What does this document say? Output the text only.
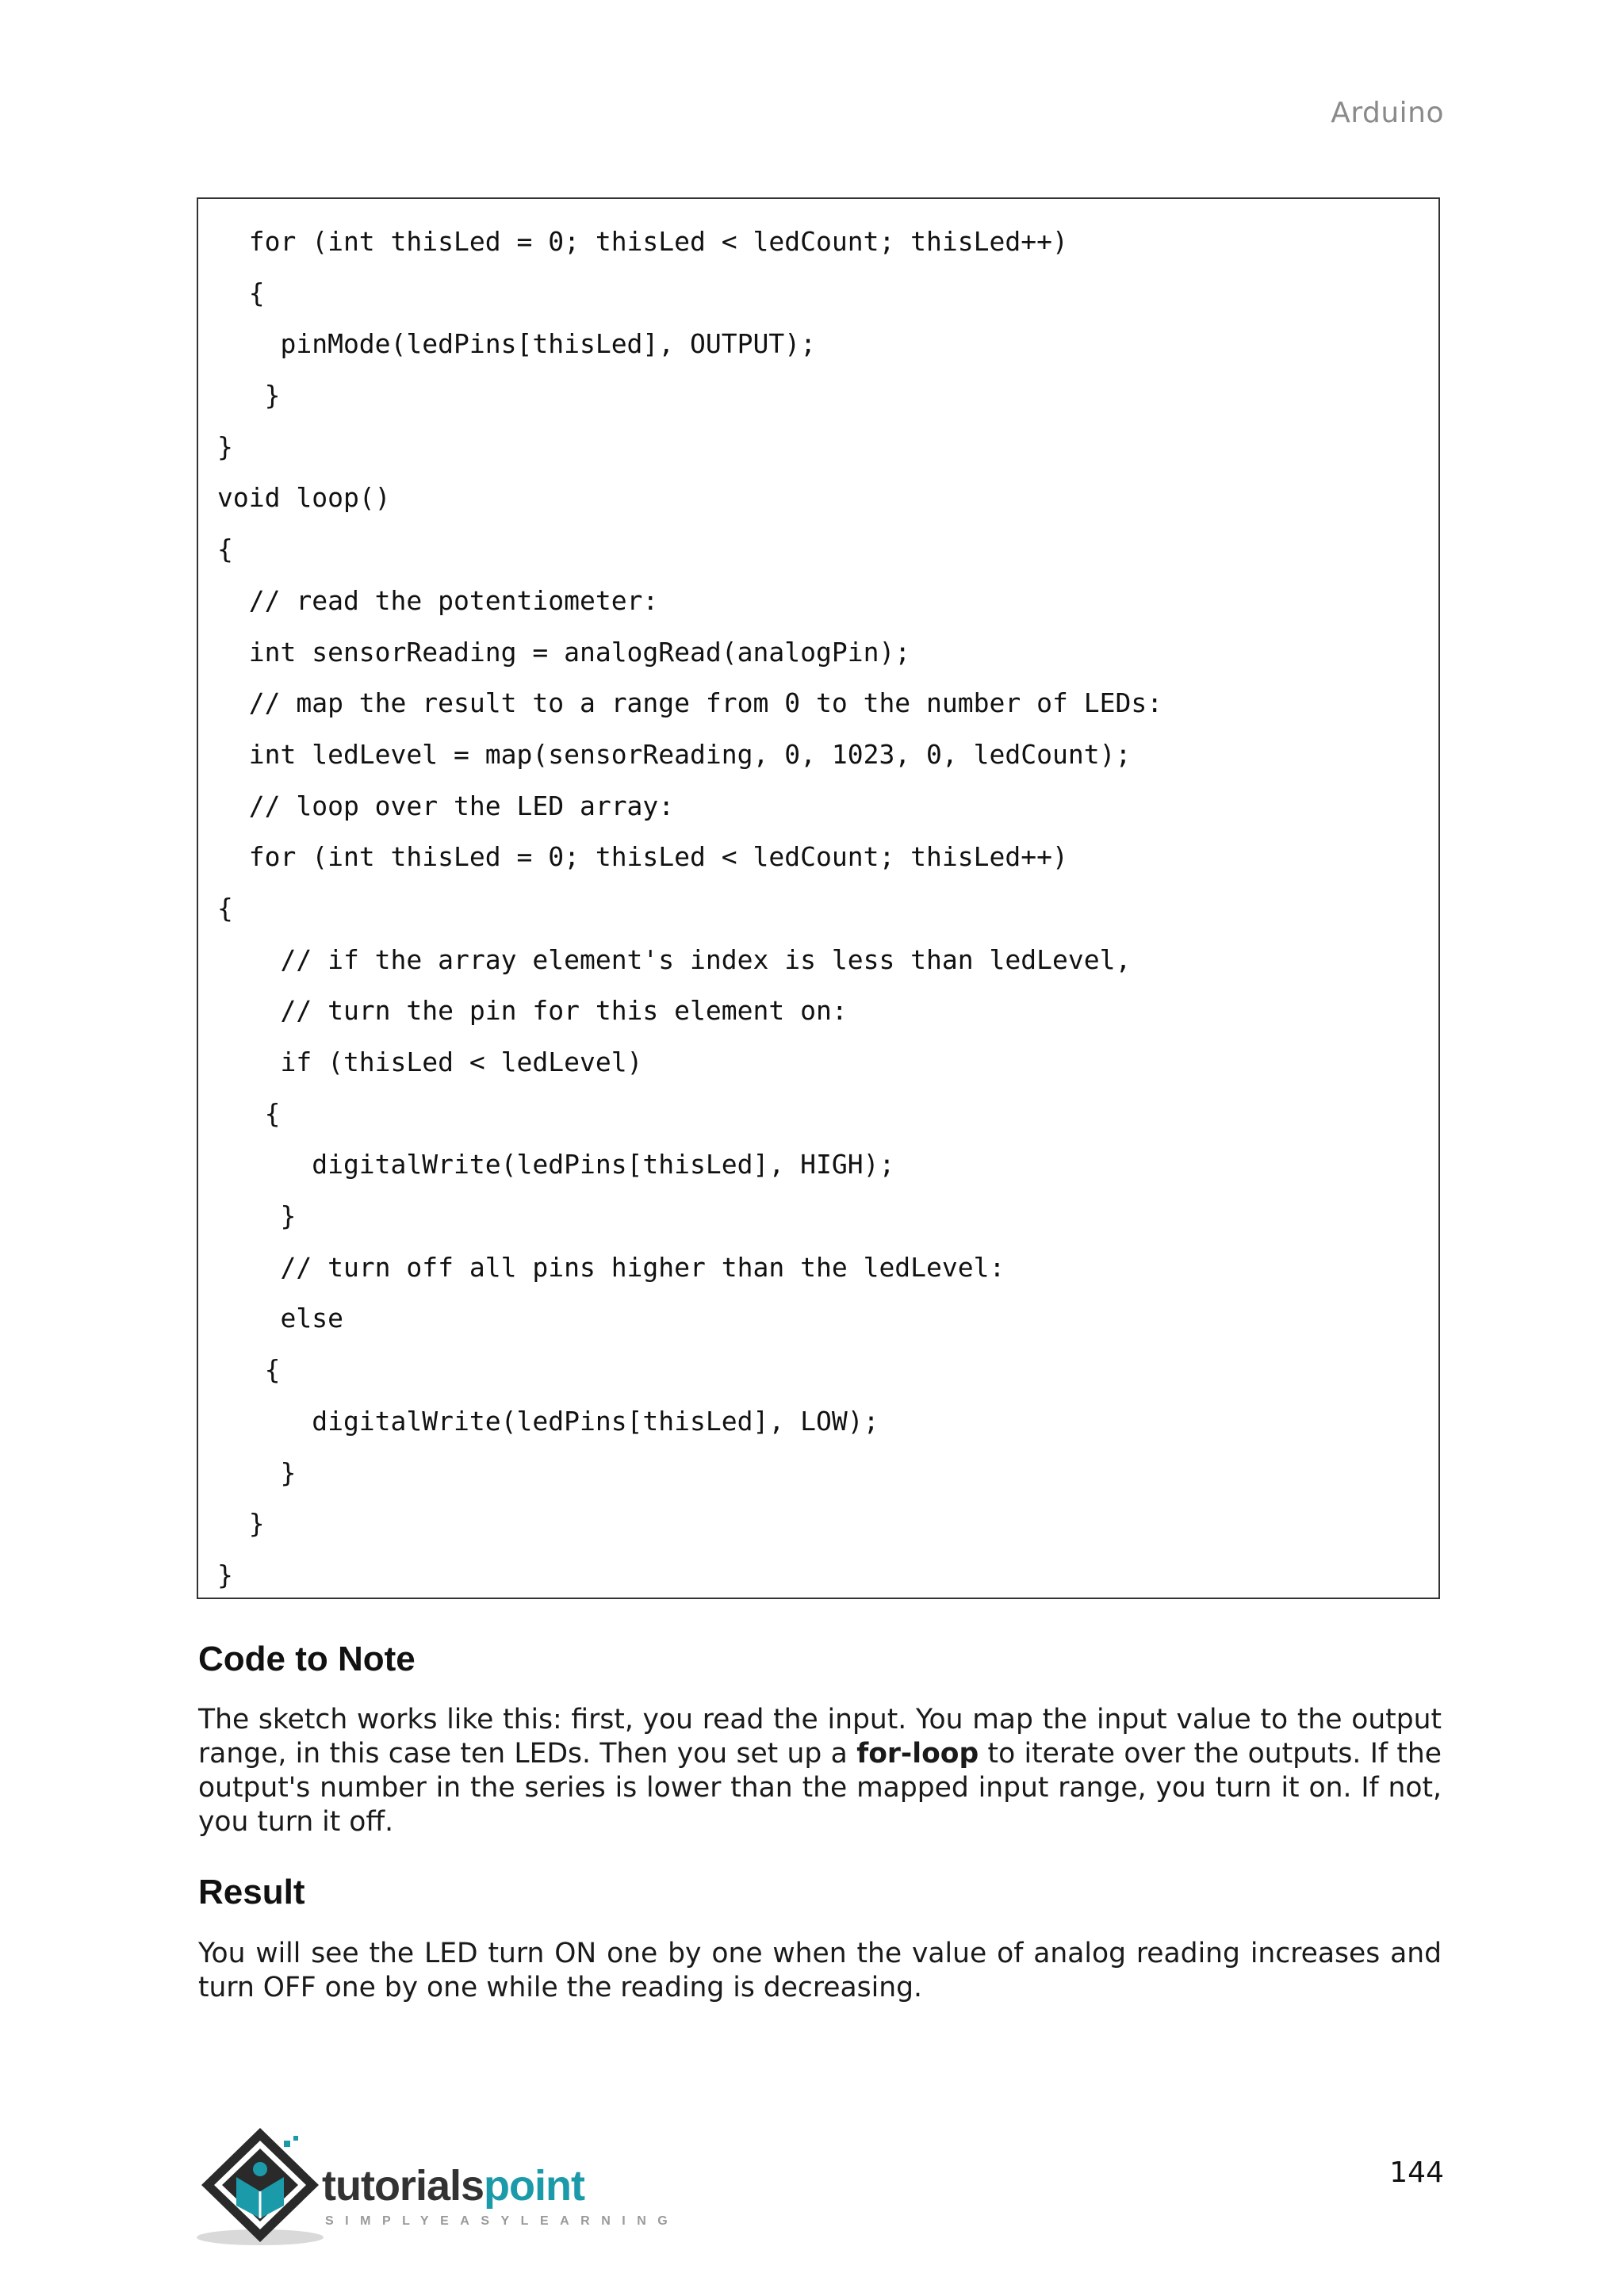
Arduino
for (int thisLed = 0; thisLed < ledCount; thisLed++)
{
pinMode(ledPins[thisLed], OUTPUT);
}
}
void loop()
{
// read the potentiometer:
int sensorReading = analogRead(analogPin);
// map the result to a range from 0 to the number of LEDs:
int ledLevel = map(sensorReading, 0, 1023, 0, ledCount);
// loop over the LED array:
for (int thisLed = 0; thisLed < ledCount; thisLed++)
{
// if the array element's index is less than ledLevel,
// turn the pin for this element on:
if (thisLed < ledLevel)
{
digitalWrite(ledPins[thisLed], HIGH);
}
// turn off all pins higher than the ledLevel:
else
{
digitalWrite(ledPins[thisLed], LOW);
}
}
}
Code to Note

The sketch works like this: first, you read the input. You map the input value to the output range, in this case ten LEDs. Then you set up a for-loop to iterate over the outputs. If the output's number in the series is lower than the mapped input range, you turn it on. If not, you turn it off.

Result

You will see the LED turn ON one by one when the value of analog reading increases and turn OFF one by one while the reading is decreasing.

144
tutorialspoint
SIMPLYEASYLEARNING
